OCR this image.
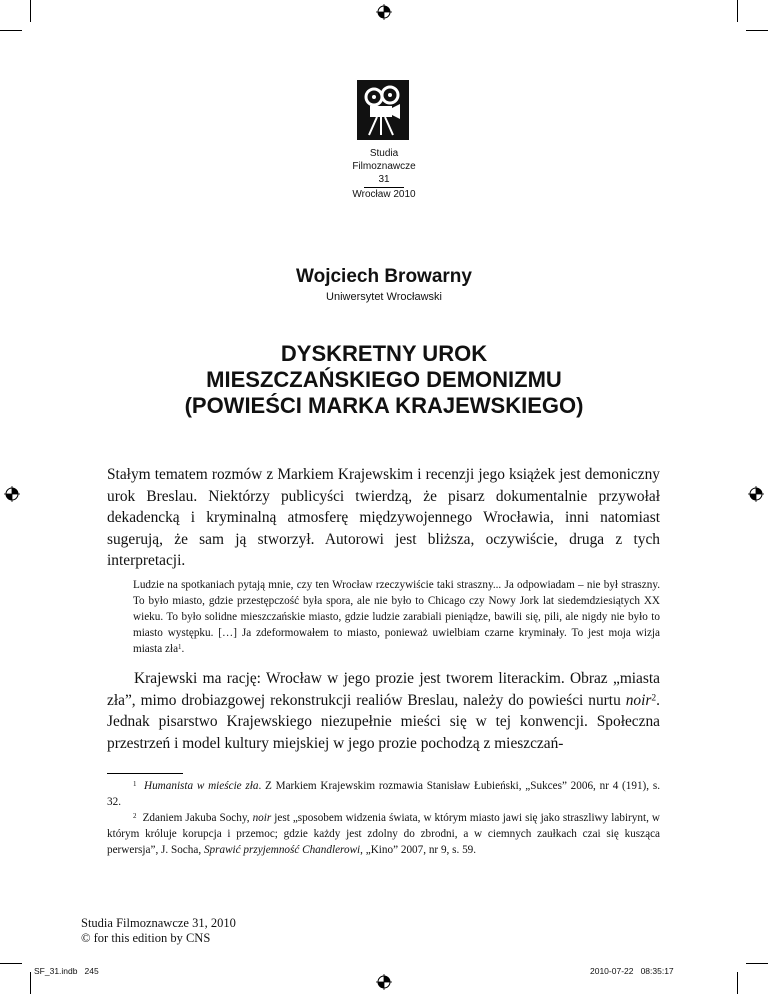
Studia
Filmoznawcze
31
Wrocław 2010
Wojciech Browarny
Uniwersytet Wrocławski
DYSKRETNY UROK
MIESZCZAŃSKIEGO DEMONIZMU
(POWIEŚCI MARKA KRAJEWSKIEGO)
Stałym tematem rozmów z Markiem Krajewskim i recenzji jego książek jest demoniczny urok Breslau. Niektórzy publicyści twierdzą, że pisarz dokumentalnie przywołał dekadencką i kryminalną atmosferę międzywojennego Wrocławia, inni natomiast sugerują, że sam ją stworzył. Autorowi jest bliższa, oczywiście, druga z tych interpretacji.
Ludzie na spotkaniach pytają mnie, czy ten Wrocław rzeczywiście taki straszny... Ja odpowiadam – nie był straszny. To było miasto, gdzie przestępczość była spora, ale nie było to Chicago czy Nowy Jork lat siedemdziesiątych XX wieku. To było solidne mieszczańskie miasto, gdzie ludzie zarabiali pieniądze, bawili się, pili, ale nigdy nie było to miasto występku. […] Ja zdeformowałem to miasto, ponieważ uwielbiam czarne kryminały. To jest moja wizja miasta zła$^1$.
Krajewski ma rację: Wrocław w jego prozie jest tworem literackim. Obraz „miasta zła”, mimo drobiazgowej rekonstrukcji realiów Breslau, należy do powieści nurtu noir$^2$. Jednak pisarstwo Krajewskiego niezupełnie mieści się w tej konwencji. Społeczna przestrzeń i model kultury miejskiej w jego prozie pochodzą z mieszczań-
$^1$ Humanista w mieście zła. Z Markiem Krajewskim rozmawia Stanisław Łubieński, „Sukces” 2006, nr 4 (191), s. 32.
$^2$ Zdaniem Jakuba Sochy, noir jest „sposobem widzenia świata, w którym miasto jawi się jako straszliwy labirynt, w którym króluje korupcja i przemoc; gdzie każdy jest zdolny do zbrodni, a w ciemnych zaułkach czai się kusząca perwersja”, J. Socha, Sprawić przyjemność Chandlerowi, „Kino” 2007, nr 9, s. 59.
Studia Filmoznawcze 31, 2010
© for this edition by CNS
SF_31.indb   245	2010-07-22   08:35:17
